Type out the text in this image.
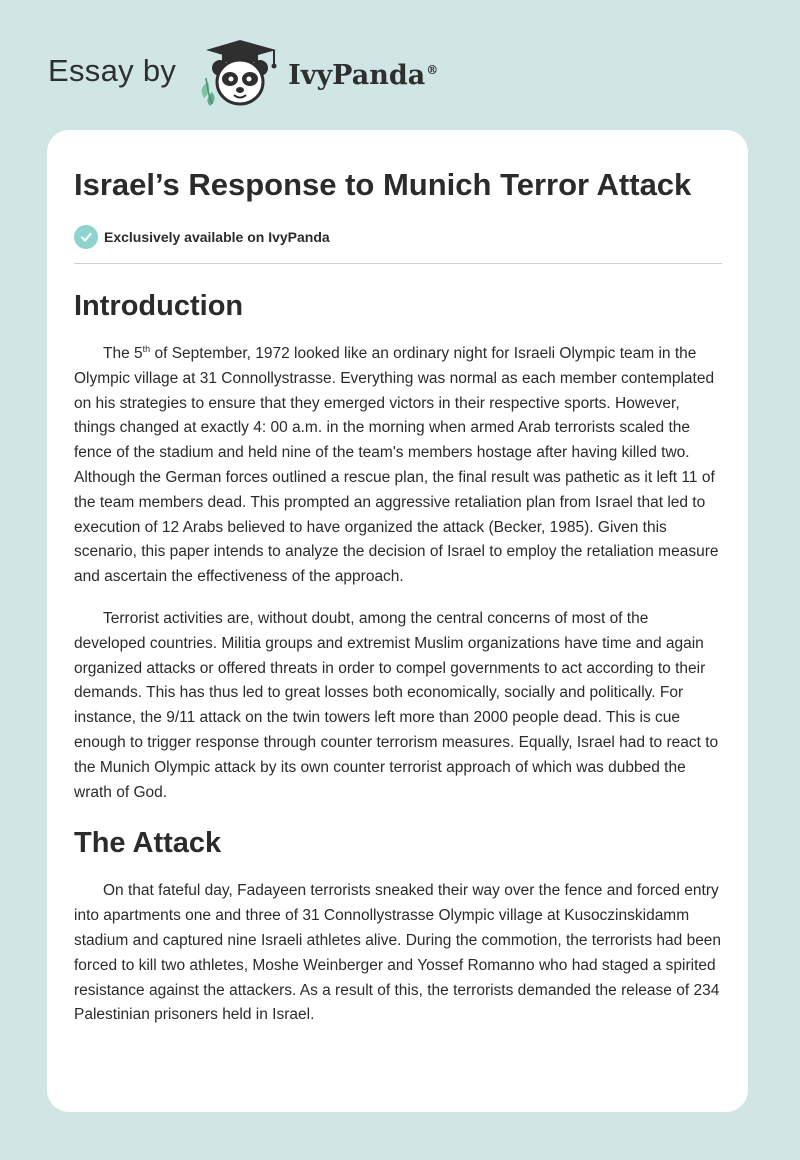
Essay by	IvyPanda®
Israel’s Response to Munich Terror Attack
Exclusively available on IvyPanda
Introduction

The 5th of September, 1972 looked like an ordinary night for Israeli Olympic team in the Olympic village at 31 Connollystrasse. Everything was normal as each member contemplated on his strategies to ensure that they emerged victors in their respective sports. However, things changed at exactly 4: 00 a.m. in the morning when armed Arab terrorists scaled the fence of the stadium and held nine of the team's members hostage after having killed two. Although the German forces outlined a rescue plan, the final result was pathetic as it left 11 of the team members dead. This prompted an aggressive retaliation plan from Israel that led to execution of 12 Arabs believed to have organized the attack (Becker, 1985). Given this scenario, this paper intends to analyze the decision of Israel to employ the retaliation measure and ascertain the effectiveness of the approach.

Terrorist activities are, without doubt, among the central concerns of most of the developed countries. Militia groups and extremist Muslim organizations have time and again organized attacks or offered threats in order to compel governments to act according to their demands. This has thus led to great losses both economically, socially and politically. For instance, the 9/11 attack on the twin towers left more than 2000 people dead. This is cue enough to trigger response through counter terrorism measures. Equally, Israel had to react to the Munich Olympic attack by its own counter terrorist approach of which was dubbed the wrath of God.

The Attack

On that fateful day, Fadayeen terrorists sneaked their way over the fence and forced entry into apartments one and three of 31 Connollystrasse Olympic village at Kusoczinskidamm stadium and captured nine Israeli athletes alive. During the commotion, the terrorists had been forced to kill two athletes, Moshe Weinberger and Yossef Romanno who had staged a spirited resistance against the attackers. As a result of this, the terrorists demanded the release of 234 Palestinian prisoners held in Israel.
